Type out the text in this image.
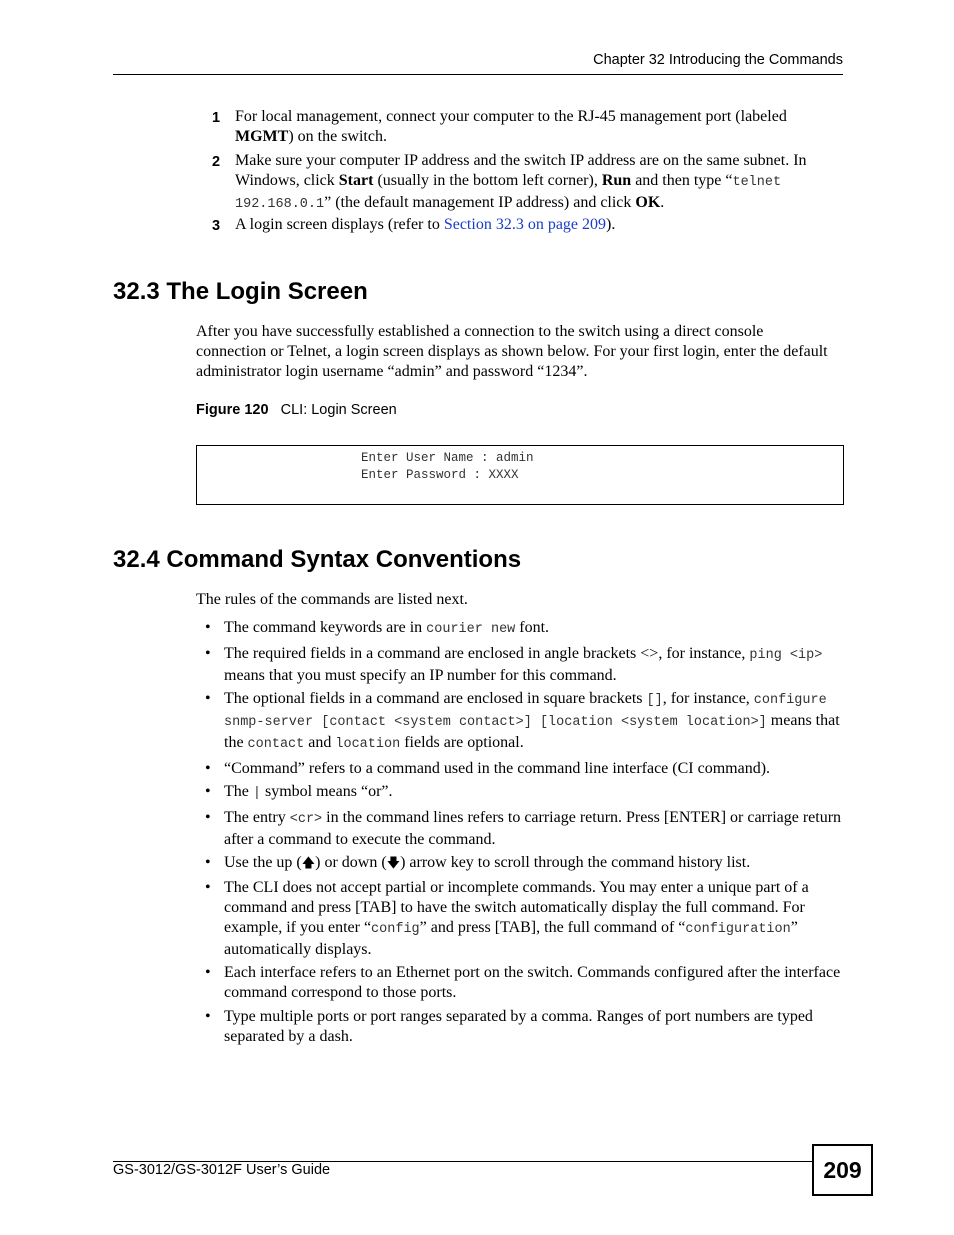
Chapter 32 Introducing the Commands
1 For local management, connect your computer to the RJ-45 management port (labeled MGMT) on the switch.
2 Make sure your computer IP address and the switch IP address are on the same subnet. In Windows, click Start (usually in the bottom left corner), Run and then type “telnet 192.168.0.1” (the default management IP address) and click OK.
3 A login screen displays (refer to Section 32.3 on page 209).
32.3 The Login Screen
After you have successfully established a connection to the switch using a direct console connection or Telnet, a login screen displays as shown below. For your first login, enter the default administrator login username “admin” and password “1234”.
Figure 120 CLI: Login Screen
Enter User Name : admin
Enter Password : XXXX
32.4 Command Syntax Conventions
The rules of the commands are listed next.
• The command keywords are in courier new font.
• The required fields in a command are enclosed in angle brackets <>, for instance, ping <ip> means that you must specify an IP number for this command.
• The optional fields in a command are enclosed in square brackets [], for instance, configure snmp-server [contact <system contact>] [location <system location>] means that the contact and location fields are optional.
• “Command” refers to a command used in the command line interface (CI command).
• The | symbol means “or”.
• The entry <cr> in the command lines refers to carriage return. Press [ENTER] or carriage return after a command to execute the command.
• Use the up (🡅) or down (🡇) arrow key to scroll through the command history list.
• The CLI does not accept partial or incomplete commands. You may enter a unique part of a command and press [TAB] to have the switch automatically display the full command. For example, if you enter “config” and press [TAB], the full command of “configuration” automatically displays.
• Each interface refers to an Ethernet port on the switch. Commands configured after the interface command correspond to those ports.
• Type multiple ports or port ranges separated by a comma. Ranges of port numbers are typed separated by a dash.
GS-3012/GS-3012F User’s Guide	209
